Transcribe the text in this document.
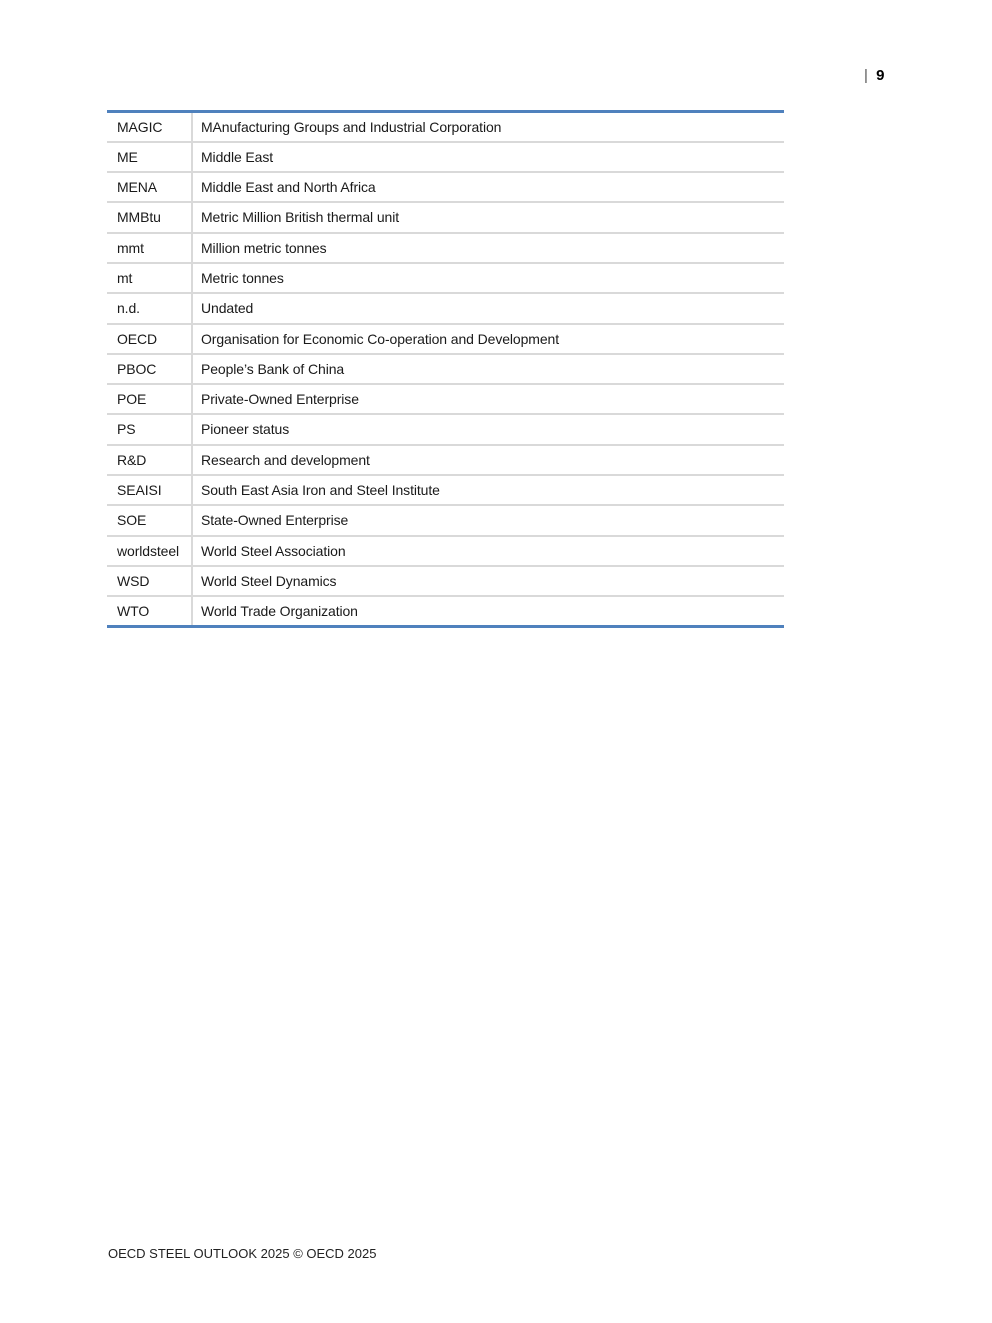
| 9
MAGIC	MAnufacturing Groups and Industrial Corporation
ME	Middle East
MENA	Middle East and North Africa
MMBtu	Metric Million British thermal unit
mmt	Million metric tonnes
mt	Metric tonnes
n.d.	Undated
OECD	Organisation for Economic Co-operation and Development
PBOC	People’s Bank of China
POE	Private-Owned Enterprise
PS	Pioneer status
R&D	Research and development
SEAISI	South East Asia Iron and Steel Institute
SOE	State-Owned Enterprise
worldsteel	World Steel Association
WSD	World Steel Dynamics
WTO	World Trade Organization
OECD STEEL OUTLOOK 2025 © OECD 2025
